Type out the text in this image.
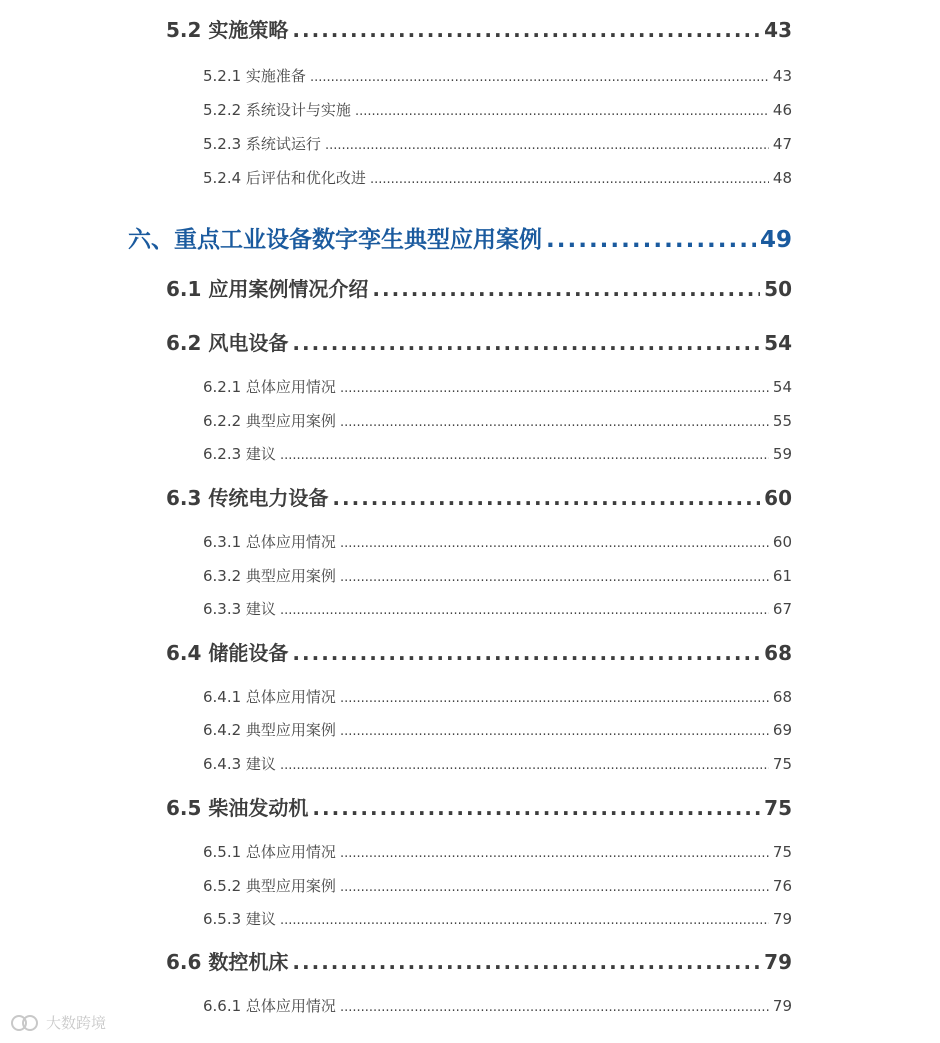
5.2 实施策略 .....	43
5.2.1 实施准备 .....	43
5.2.2 系统设计与实施 .....	46
5.2.3 系统试运行 .....	47
5.2.4 后评估和优化改进 .....	48
六、重点工业设备数字孪生典型应用案例 .....	49
6.1 应用案例情况介绍 .....	50
6.2 风电设备 .....	54
6.2.1 总体应用情况 .....	54
6.2.2 典型应用案例 .....	55
6.2.3 建议 .....	59
6.3 传统电力设备 .....	60
6.3.1 总体应用情况 .....	60
6.3.2 典型应用案例 .....	61
6.3.3 建议 .....	67
6.4 储能设备 .....	68
6.4.1 总体应用情况 .....	68
6.4.2 典型应用案例 .....	69
6.4.3 建议 .....	75
6.5 柴油发动机 .....	75
6.5.1 总体应用情况 .....	75
6.5.2 典型应用案例 .....	76
6.5.3 建议 .....	79
6.6 数控机床 .....	79
6.6.1 总体应用情况 .....	79
大数跨境
